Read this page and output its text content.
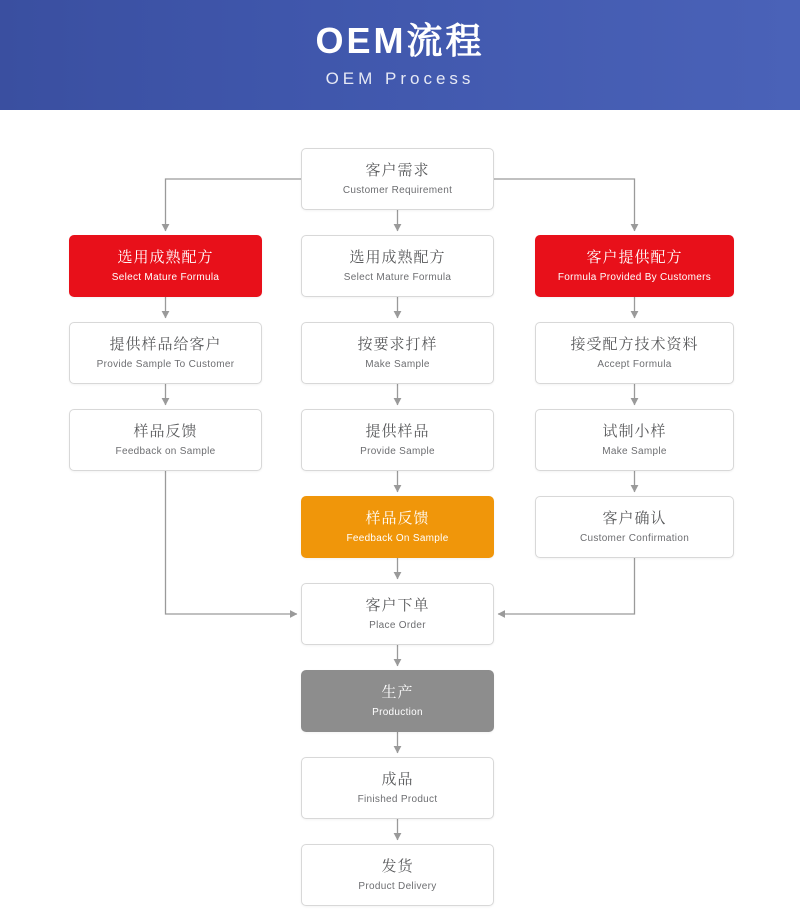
OEM流程
OEM Process
客户需求
Customer Requirement
选用成熟配方
Select Mature Formula
选用成熟配方
Select Mature Formula
客户提供配方
Formula Provided By Customers
提供样品给客户
Provide Sample To Customer
按要求打样
Make Sample
接受配方技术资料
Accept Formula
样品反馈
Feedback on Sample
提供样品
Provide Sample
试制小样
Make Sample
样品反馈
Feedback On Sample
客户确认
Customer Confirmation
客户下单
Place Order
生产
Production
成品
Finished Product
发货
Product Delivery
